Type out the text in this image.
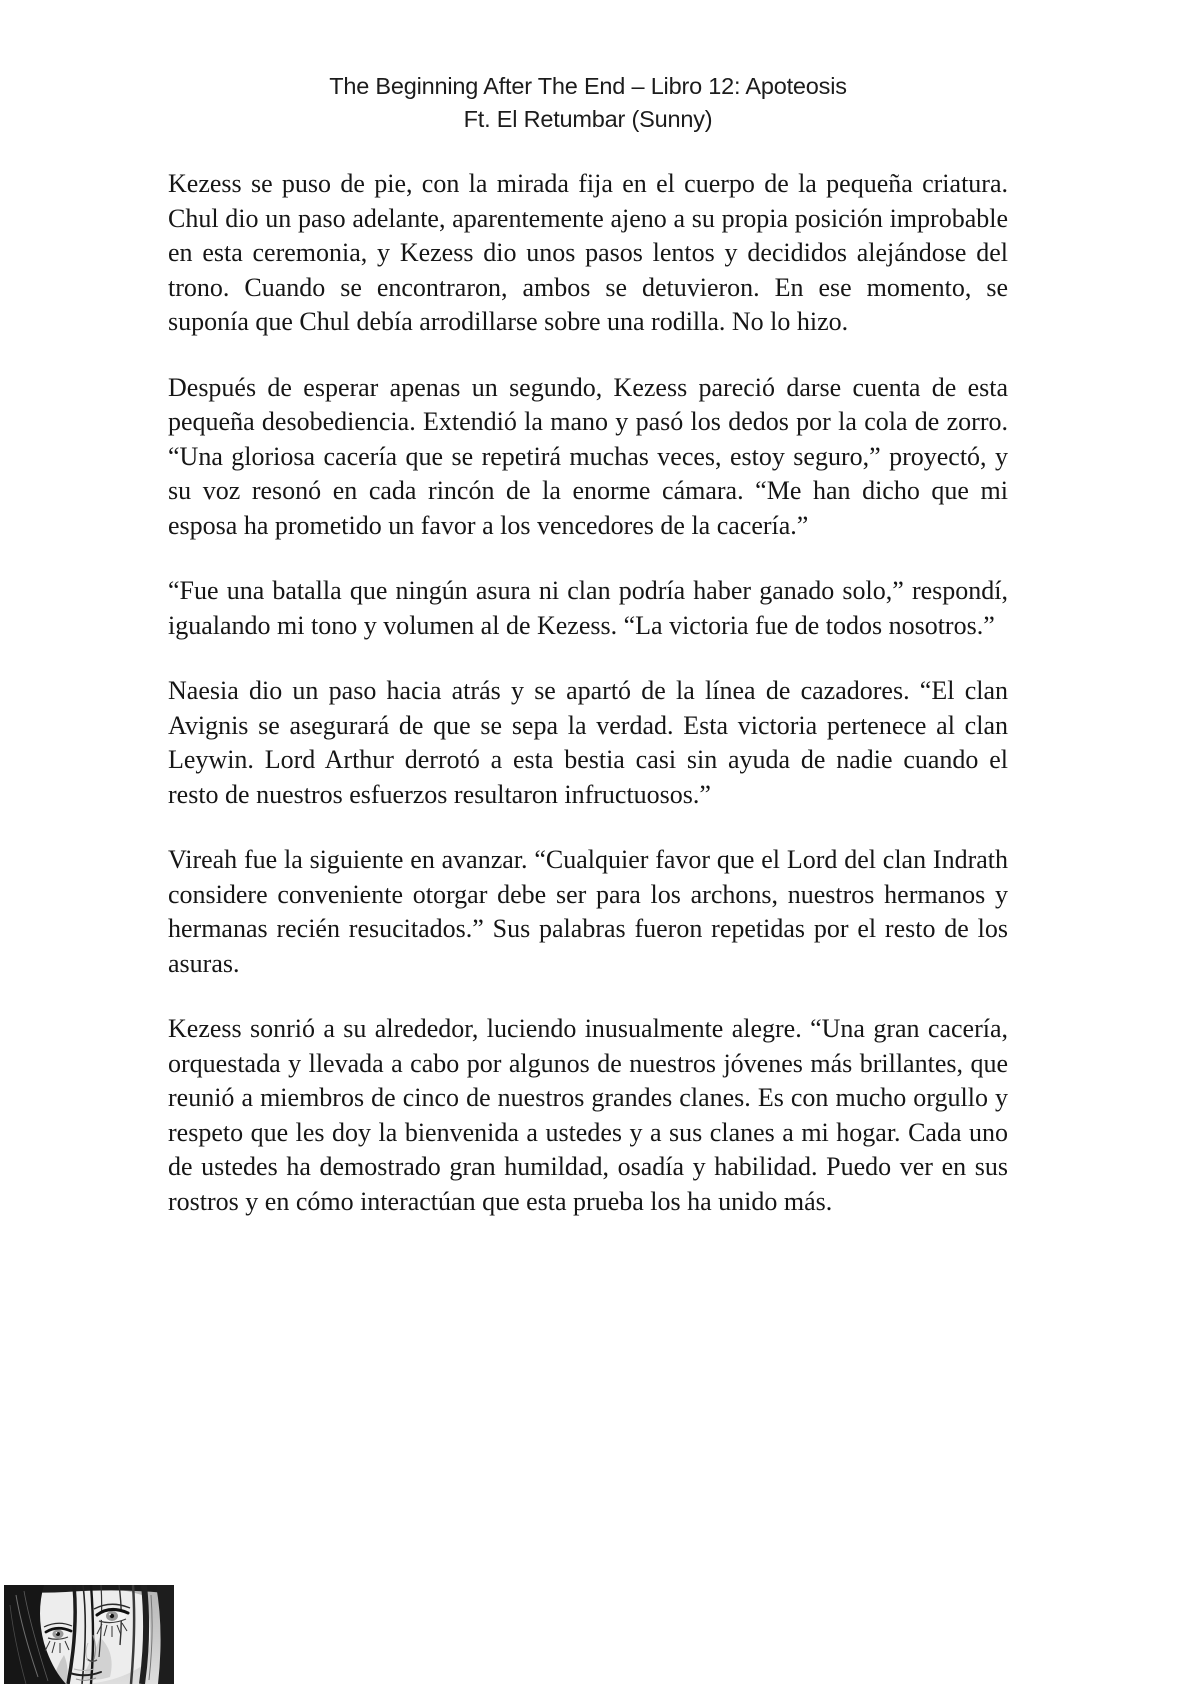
The Beginning After The End – Libro 12: Apoteosis
Ft. El Retumbar (Sunny)

Kezess se puso de pie, con la mirada fija en el cuerpo de la pequeña criatura. Chul dio un paso adelante, aparentemente ajeno a su propia posición improbable en esta ceremonia, y Kezess dio unos pasos lentos y decididos alejándose del trono. Cuando se encontraron, ambos se detuvieron. En ese momento, se suponía que Chul debía arrodillarse sobre una rodilla. No lo hizo.

Después de esperar apenas un segundo, Kezess pareció darse cuenta de esta pequeña desobediencia. Extendió la mano y pasó los dedos por la cola de zorro. “Una gloriosa cacería que se repetirá muchas veces, estoy seguro,” proyectó, y su voz resonó en cada rincón de la enorme cámara. “Me han dicho que mi esposa ha prometido un favor a los vencedores de la cacería.”

“Fue una batalla que ningún asura ni clan podría haber ganado solo,” respondí, igualando mi tono y volumen al de Kezess. “La victoria fue de todos nosotros.”

Naesia dio un paso hacia atrás y se apartó de la línea de cazadores. “El clan Avignis se asegurará de que se sepa la verdad. Esta victoria pertenece al clan Leywin. Lord Arthur derrotó a esta bestia casi sin ayuda de nadie cuando el resto de nuestros esfuerzos resultaron infructuosos.”

Vireah fue la siguiente en avanzar. “Cualquier favor que el Lord del clan Indrath considere conveniente otorgar debe ser para los archons, nuestros hermanos y hermanas recién resucitados.” Sus palabras fueron repetidas por el resto de los asuras.

Kezess sonrió a su alrededor, luciendo inusualmente alegre. “Una gran cacería, orquestada y llevada a cabo por algunos de nuestros jóvenes más brillantes, que reunió a miembros de cinco de nuestros grandes clanes. Es con mucho orgullo y respeto que les doy la bienvenida a ustedes y a sus clanes a mi hogar. Cada uno de ustedes ha demostrado gran humildad, osadía y habilidad. Puedo ver en sus rostros y en cómo interactúan que esta prueba los ha unido más.
